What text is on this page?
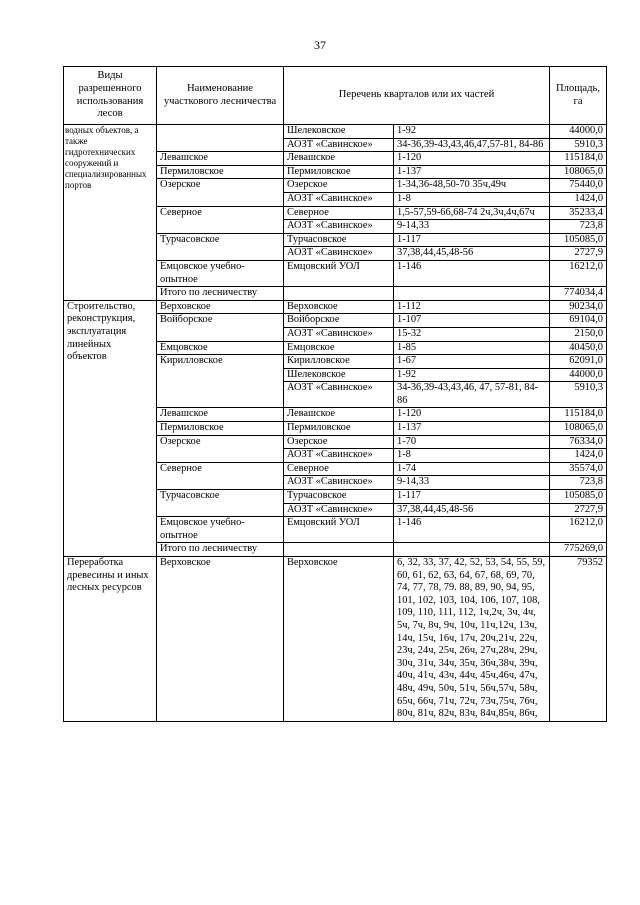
37
Виды разрешенного использования лесов	Наименование участкового лесничества	Перечень кварталов или их частей		Площадь, га
водных объектов, а также гидротехнических сооружений и специализированных портов		Шелековское	1-92	44000,0
		АОЗТ «Савинское»	34-36,39-43,43,46,47,57-81, 84-86	5910,3
	Левашское	Левашское	1-120	115184,0
	Пермиловское	Пермиловское	1-137	108065,0
	Озерское	Озерское	1-34,36-48,50-70 35ч,49ч	75440,0
		АОЗТ «Савинское»	1-8	1424,0
	Северное	Северное	1,5-57,59-66,68-74 2ч,3ч,4ч,67ч	35233,4
		АОЗТ «Савинское»	9-14,33	723,8
	Турчасовское	Турчасовское	1-117	105085,0
		АОЗТ «Савинское»	37,38,44,45,48-56	2727,9
	Емцовское учебно-опытное	Емцовский УОЛ	1-146	16212,0
	Итого по лесничеству			774034,4
Строительство, реконструкция, эксплуатация линейных объектов	Верховское	Верховское	1-112	90234,0
	Войборское	Войборское	1-107	69104,0
		АОЗТ «Савинское»	15-32	2150,0
	Емцовское	Емцовское	1-85	40450,0
	Кирилловское	Кирилловское	1-67	62091,0
		Шелековское	1-92	44000,0
		АОЗТ «Савинское»	34-36,39-43,43,46, 47, 57-81, 84-86	5910,3
	Левашское	Левашское	1-120	115184,0
	Пермиловское	Пермиловское	1-137	108065,0
	Озерское	Озерское	1-70	76334,0
		АОЗТ «Савинское»	1-8	1424,0
	Северное	Северное	1-74	35574,0
		АОЗТ «Савинское»	9-14,33	723,8
	Турчасовское	Турчасовское	1-117	105085,0
		АОЗТ «Савинское»	37,38,44,45,48-56	2727,9
	Емцовское учебно-опытное	Емцовский УОЛ	1-146	16212,0
	Итого по лесничеству			775269,0
Переработка древесины и иных лесных ресурсов	Верховское	Верховское	6, 32, 33, 37, 42, 52, 53, 54, 55, 59, 60, 61, 62, 63, 64, 67, 68, 69, 70, 74, 77, 78, 79. 88, 89, 90, 94, 95, 101, 102, 103, 104, 106, 107, 108, 109, 110, 111, 112, 1ч,2ч, 3ч, 4ч, 5ч, 7ч, 8ч, 9ч, 10ч, 11ч,12ч, 13ч, 14ч, 15ч, 16ч, 17ч, 20ч,21ч, 22ч, 23ч, 24ч, 25ч, 26ч, 27ч,28ч, 29ч, 30ч, 31ч, 34ч, 35ч, 36ч,38ч, 39ч, 40ч, 41ч, 43ч, 44ч, 45ч,46ч, 47ч, 48ч, 49ч, 50ч, 51ч, 56ч,57ч, 58ч, 65ч, 66ч, 71ч, 72ч, 73ч,75ч, 76ч, 80ч, 81ч, 82ч, 83ч, 84ч,85ч, 86ч,	79352
